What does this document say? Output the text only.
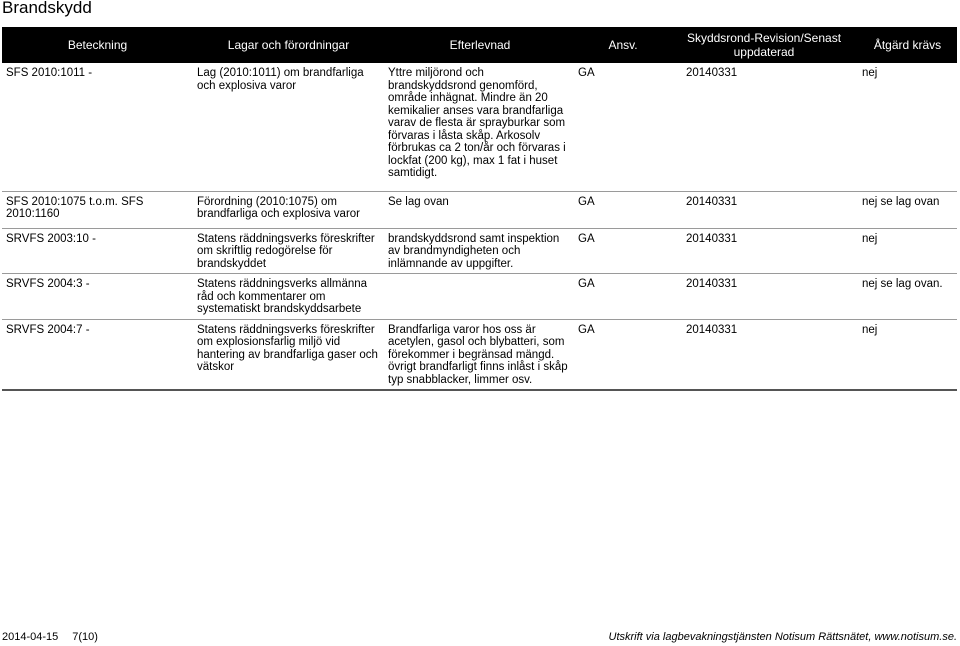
Brandskydd
Beteckning	Lagar och förordningar	Efterlevnad	Ansv.	Skyddsrond-Revision/Senast uppdaterad	Åtgärd krävs
SFS 2010:1011 -	Lag (2010:1011) om brandfarliga och explosiva varor	Yttre miljörond och brandskyddsrond genomförd, område inhägnat. Mindre än 20 kemikalier anses vara brandfarliga varav de flesta är sprayburkar som förvaras i låsta skåp. Arkosolv förbrukas ca 2 ton/år och förvaras i lockfat (200 kg), max 1 fat i huset samtidigt.	GA	20140331	nej
SFS 2010:1075 t.o.m. SFS 2010:1160	Förordning (2010:1075) om brandfarliga och explosiva varor	Se lag ovan	GA	20140331	nej se lag ovan
SRVFS 2003:10 -	Statens räddningsverks föreskrifter om skriftlig redogörelse för brandskyddet	brandskyddsrond samt inspektion av brandmyndigheten och inlämnande av uppgifter.	GA	20140331	nej
SRVFS 2004:3 -	Statens räddningsverks allmänna råd och kommentarer om systematiskt brandskyddsarbete		GA	20140331	nej se lag ovan.
SRVFS 2004:7 -	Statens räddningsverks föreskrifter om explosionsfarlig miljö vid hantering av brandfarliga gaser och vätskor	Brandfarliga varor hos oss är acetylen, gasol och blybatteri, som förekommer i begränsad mängd. övrigt brandfarligt finns inlåst i skåp typ snabblacker, limmer osv.	GA	20140331	nej
2014-04-15 7(10)	Utskrift via lagbevakningstjänsten Notisum Rättsnätet, www.notisum.se.
